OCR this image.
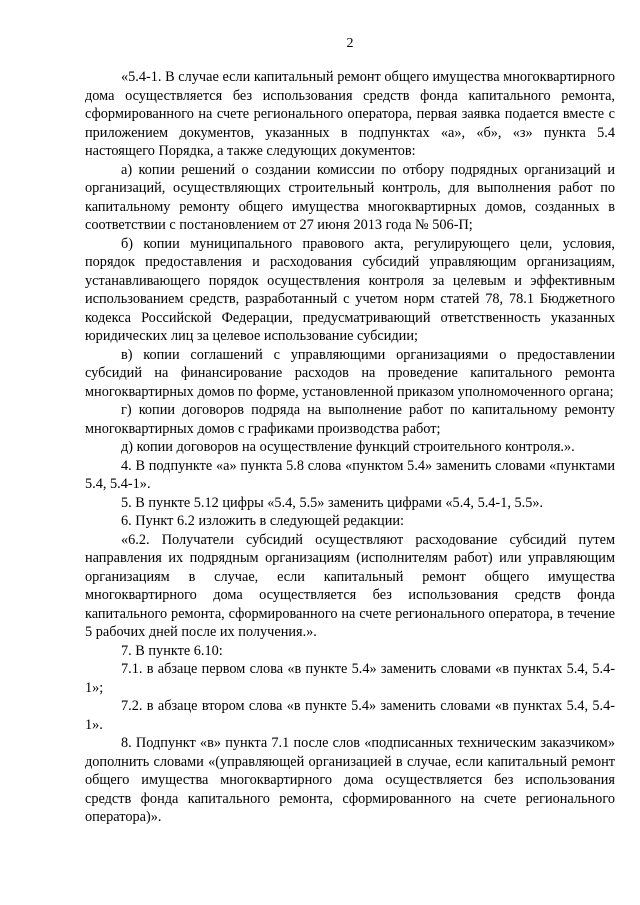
2

«5.4-1. В случае если капитальный ремонт общего имущества многоквартирного дома осуществляется без использования средств фонда капитального ремонта, сформированного на счете регионального оператора, первая заявка подается вместе с приложением документов, указанных в подпунктах «а», «б», «з» пункта 5.4 настоящего Порядка, а также следующих документов:

а) копии решений о создании комиссии по отбору подрядных организаций и организаций, осуществляющих строительный контроль, для выполнения работ по капитальному ремонту общего имущества многоквартирных домов, созданных в соответствии с постановлением от 27 июня 2013 года № 506-П;

б) копии муниципального правового акта, регулирующего цели, условия, порядок предоставления и расходования субсидий управляющим организациям, устанавливающего порядок осуществления контроля за целевым и эффективным использованием средств, разработанный с учетом норм статей 78, 78.1 Бюджетного кодекса Российской Федерации, предусматривающий ответственность указанных юридических лиц за целевое использование субсидии;

в) копии соглашений с управляющими организациями о предоставлении субсидий на финансирование расходов на проведение капитального ремонта многоквартирных домов по форме, установленной приказом уполномоченного органа;

г) копии договоров подряда на выполнение работ по капитальному ремонту многоквартирных домов с графиками производства работ;

д) копии договоров на осуществление функций строительного контроля.».

4. В подпункте «а» пункта 5.8 слова «пунктом 5.4» заменить словами «пунктами 5.4, 5.4-1».

5. В пункте 5.12 цифры «5.4, 5.5» заменить цифрами «5.4, 5.4-1, 5.5».

6. Пункт 6.2 изложить в следующей редакции:

«6.2. Получатели субсидий осуществляют расходование субсидий путем направления их подрядным организациям (исполнителям работ) или управляющим организациям в случае, если капитальный ремонт общего имущества многоквартирного дома осуществляется без использования средств фонда капитального ремонта, сформированного на счете регионального оператора, в течение 5 рабочих дней после их получения.».

7. В пункте 6.10:

7.1. в абзаце первом слова «в пункте 5.4» заменить словами «в пунктах 5.4, 5.4-1»;

7.2. в абзаце втором слова «в пункте 5.4» заменить словами «в пунктах 5.4, 5.4-1».

8. Подпункт «в» пункта 7.1 после слов «подписанных техническим заказчиком» дополнить словами «(управляющей организацией в случае, если капитальный ремонт общего имущества многоквартирного дома осуществляется без использования средств фонда капитального ремонта, сформированного на счете регионального оператора)».
